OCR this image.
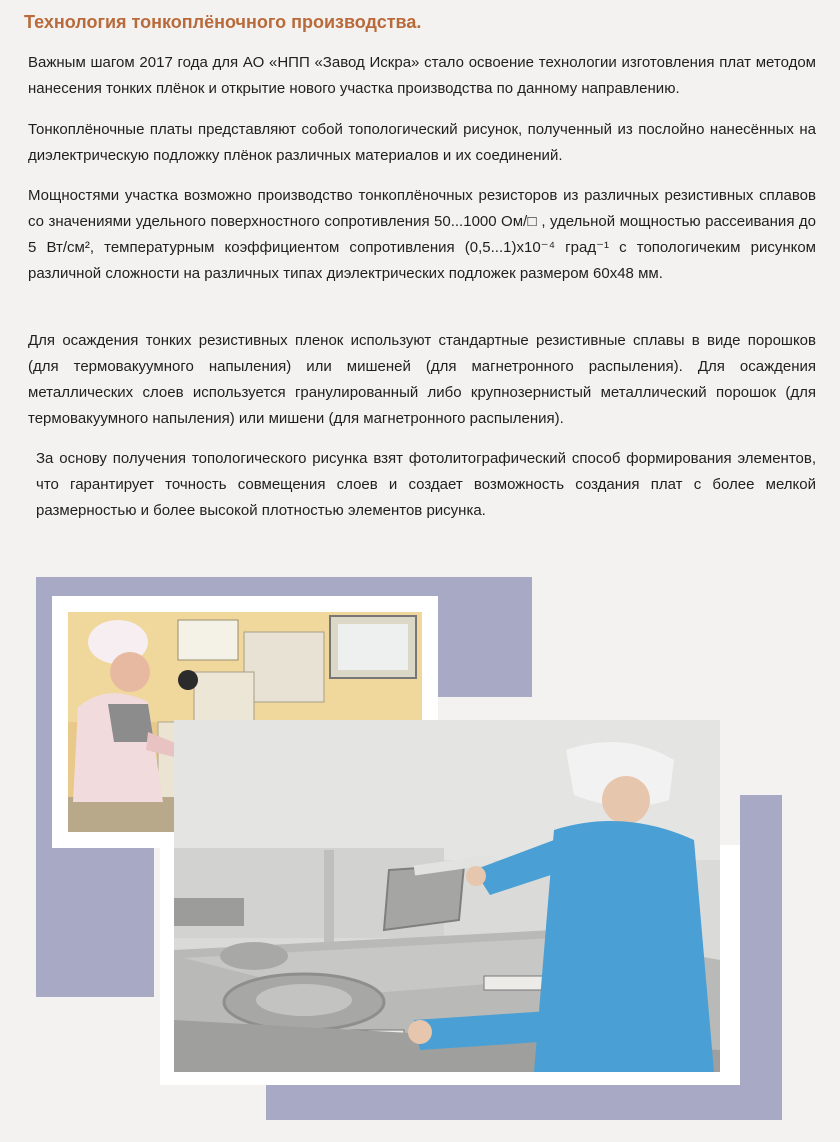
Технология тонкоплёночного производства.

Важным шагом 2017 года для АО «НПП «Завод Искра» стало освоение технологии изготовления плат методом нанесения тонких плёнок и открытие нового участка производства по данному направлению.

Тонкоплёночные платы представляют собой топологический рисунок, полученный из послойно нанесённых на диэлектрическую подложку плёнок различных материалов и их соединений.

Мощностями участка возможно производство тонкоплёночных резисторов из различных резистивных сплавов со значениями удельного поверхностного сопротивления 50...1000 Ом/□ , удельной мощностью рассеивания до 5 Вт/см², температурным коэффициентом сопротивления (0,5...1)х10⁻⁴ град⁻¹ с топологичеким рисунком различной сложности на различных типах диэлектрических подложек размером 60х48 мм.

Для осаждения тонких резистивных пленок используют стандартные резистивные сплавы в виде порошков (для термовакуумного напыления) или мишеней (для магнетронного распыления). Для осаждения металлических слоев используется гранулированный либо крупнозернистый металлический порошок (для термовакуумного напыления) или мишени (для магнетронного распыления).

За основу получения топологического рисунка взят фотолитографический способ формирования элементов, что гарантирует точность совмещения слоев и создает возможность создания плат с более мелкой размерностью и более высокой плотностью элементов рисунка.
